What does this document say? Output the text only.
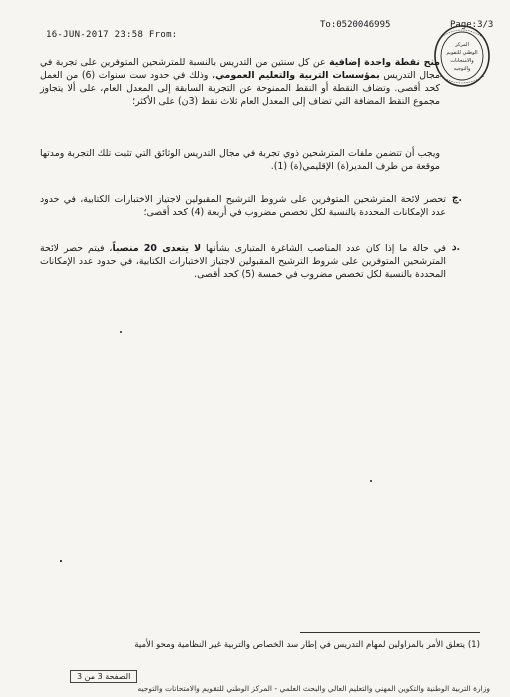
16-JUN-2017 23:58 From:
To:0520046995	Page:3/3
المركز
الوطني للتقويم
والامتحانات
والتوجيه
منح نقطة واحدة إضافية عن كل سنتين من التدريس بالنسبة للمترشحين المتوفرين على تجربة في مجال التدريس بمؤسسات التربية والتعليم العمومي، وذلك في حدود ست سنوات (6) من العمل كحد أقصى. وتضاف النقطة أو النقط الممنوحة عن التجربة السابقة إلى المعدل العام، على ألا يتجاوز مجموع النقط المضافة التي تضاف إلى المعدل العام ثلاث نقط (3ن) على الأكثر؛
ويجب أن تتضمن ملفات المترشحين ذوي تجربة في مجال التدريس الوثائق التي تثبت تلك التجربة ومدتها موقعة من طرف المدير(ة) الإقليمي(ة) (1).
ج.
تحصر لائحة المترشحين المتوفرين على شروط الترشيح المقبولين لاجتياز الاختبارات الكتابية، في حدود عدد الإمكانات المحددة بالنسبة لكل تخصص مضروب في أربعة (4) كحد أقصى؛
د.
في حالة ما إذا كان عدد المناصب الشاغرة المتبارى بشأنها لا يتعدى 20 منصباً، فيتم حصر لائحة المترشحين المتوفرين على شروط الترشيح المقبولين لاجتياز الاختبارات الكتابية، في حدود عدد الإمكانات المحددة بالنسبة لكل تخصص مضروب في خمسة (5) كحد أقصى.
(1) يتعلق الأمر بالمزاولين لمهام التدريس في إطار سد الخصاص والتربية غير النظامية ومحو الأمية
الصفحة 3 من 3
وزارة التربية الوطنية والتكوين المهني والتعليم العالي والبحث العلمي - المركز الوطني للتقويم والامتحانات والتوجيه
